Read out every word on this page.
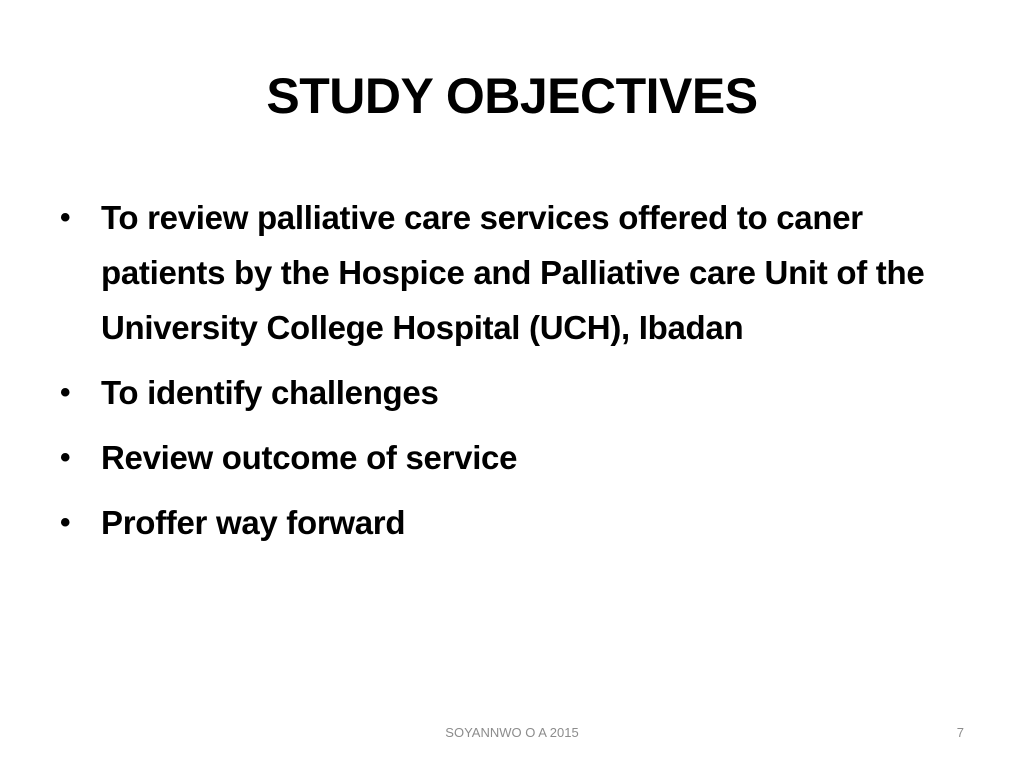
STUDY OBJECTIVES
• To review palliative care services offered to caner patients by the Hospice and Palliative care Unit of the University College Hospital (UCH), Ibadan
• To identify challenges
• Review outcome of service
• Proffer way forward
SOYANNWO O A 2015	7
